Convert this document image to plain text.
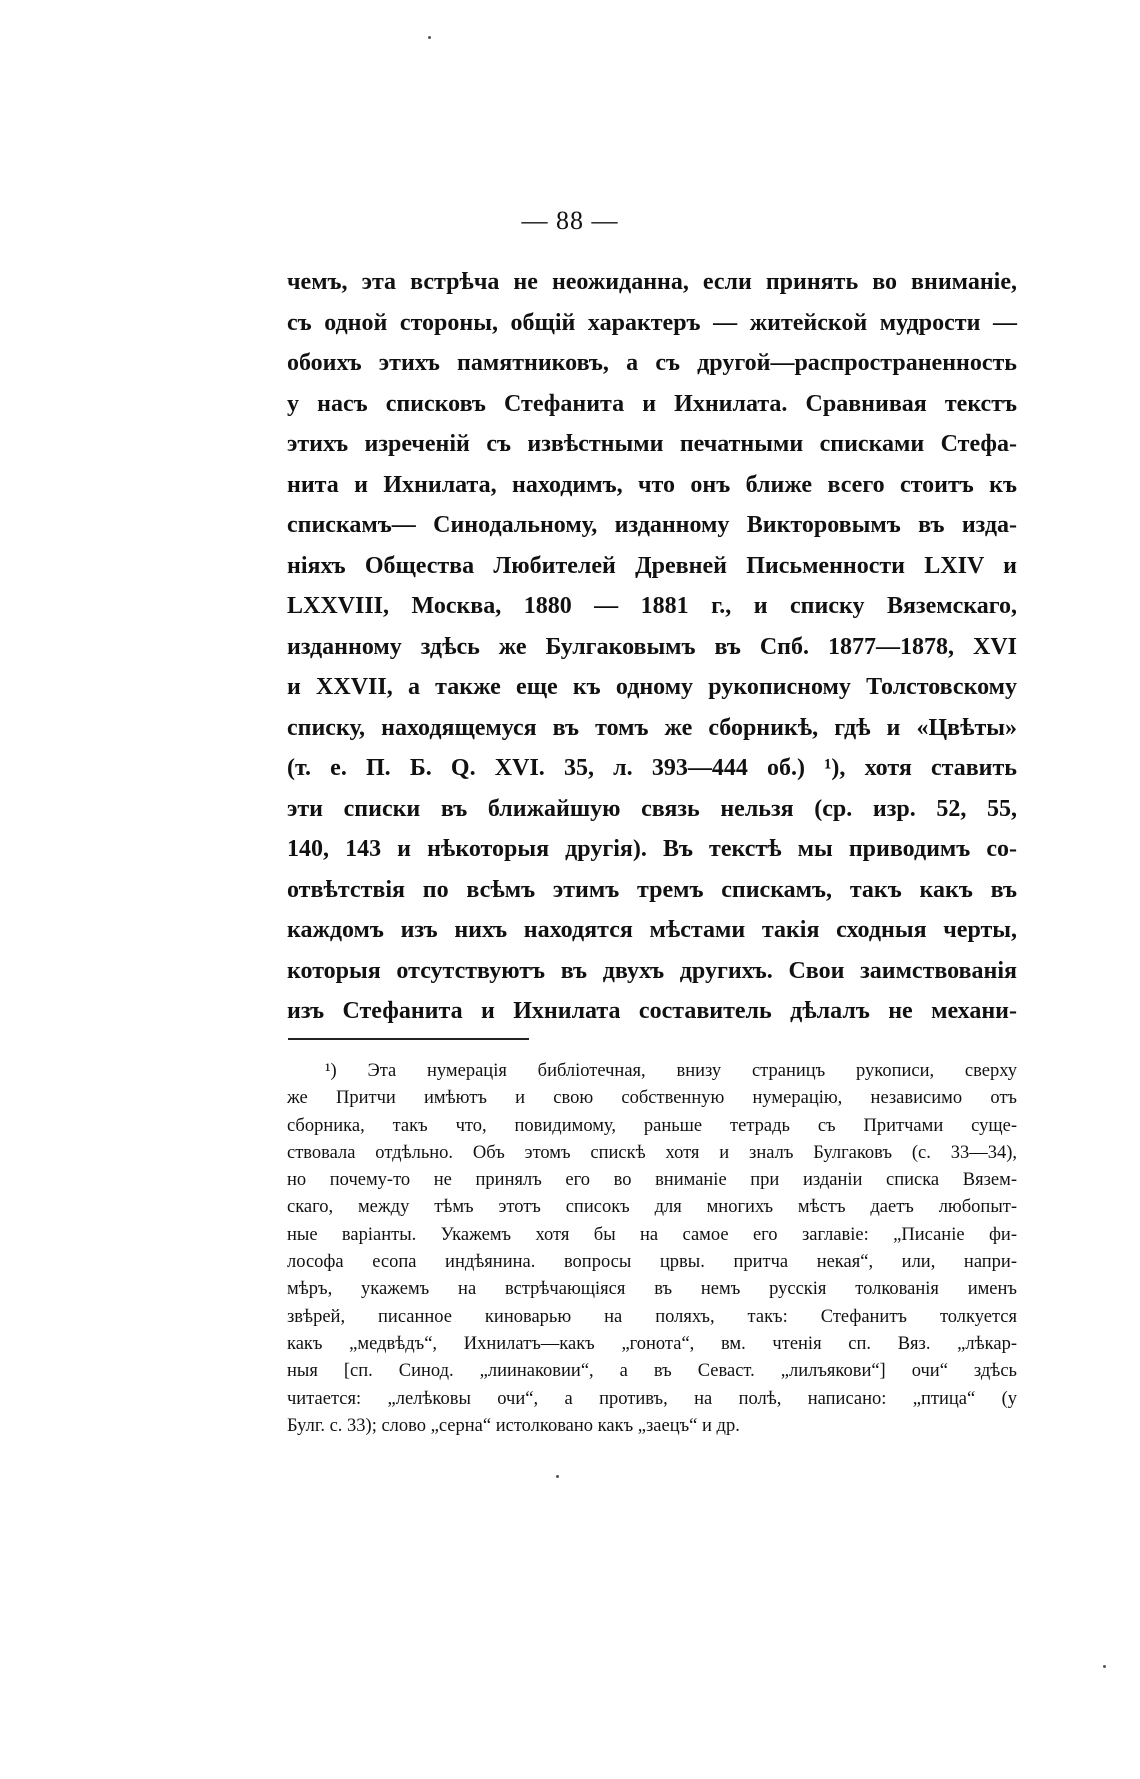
— 88 —
чемъ, эта встрѣча не неожиданна, если принять во вниманіе,
съ одной стороны, общій характеръ — житейской мудрости —
обоихъ этихъ памятниковъ, а съ другой—распространенность
у насъ списковъ Стефанита и Ихнилата. Сравнивая текстъ
этихъ изреченій съ извѣстными печатными списками Стефа-
нита и Ихнилата, находимъ, что онъ ближе всего стоитъ къ
спискамъ— Синодальному, изданному Викторовымъ въ изда-
ніяхъ Общества Любителей Древней Письменности LXIV и
LXXVIII, Москва, 1880 — 1881 г., и списку Вяземскаго,
изданному здѣсь же Булгаковымъ въ Спб. 1877—1878, XVI
и XXVII, а также еще къ одному рукописному Толстовскому
списку, находящемуся въ томъ же сборникѣ, гдѣ и «Цвѣты»
(т. е. П. Б. Q. XVI. 35, л. 393—444 об.) ¹), хотя ставить
эти списки въ ближайшую связь нельзя (ср. изр. 52, 55,
140, 143 и нѣкоторыя другія). Въ текстѣ мы приводимъ со-
отвѣтствія по всѣмъ этимъ тремъ спискамъ, такъ какъ въ
каждомъ изъ нихъ находятся мѣстами такія сходныя черты,
которыя отсутствуютъ въ двухъ другихъ. Свои заимствованія
изъ Стефанита и Ихнилата составитель дѣлалъ не механи-
¹) Эта нумерація библіотечная, внизу страницъ рукописи, сверху
же Притчи имѣютъ и свою собственную нумерацію, независимо отъ
сборника, такъ что, повидимому, раньше тетрадь съ Притчами суще-
ствовала отдѣльно. Объ этомъ спискѣ хотя и зналъ Булгаковъ (с. 33—34),
но почему-то не принялъ его во вниманіе при изданіи списка Вязем-
скаго, между тѣмъ этотъ списокъ для многихъ мѣстъ даетъ любопыт-
ные варіанты. Укажемъ хотя бы на самое его заглавіе: „Писаніе фи-
лософа есопа индѣянина. вопросы црвы. притча некая“, или, напри-
мѣръ, укажемъ на встрѣчающіяся въ немъ русскія толкованія именъ
звѣрей, писанное киноварью на поляхъ, такъ: Стефанитъ толкуется
какъ „медвѣдъ“, Ихнилатъ—какъ „гонота“, вм. чтенія сп. Вяз. „лѣкар-
ныя [сп. Синод. „лиинаковии“, а въ Севаст. „лилъякови“] очи“ здѣсь
читается: „лелѣковы очи“, а противъ, на полѣ, написано: „птица“ (у
Булг. с. 33); слово „серна“ истолковано какъ „заецъ“ и др.
